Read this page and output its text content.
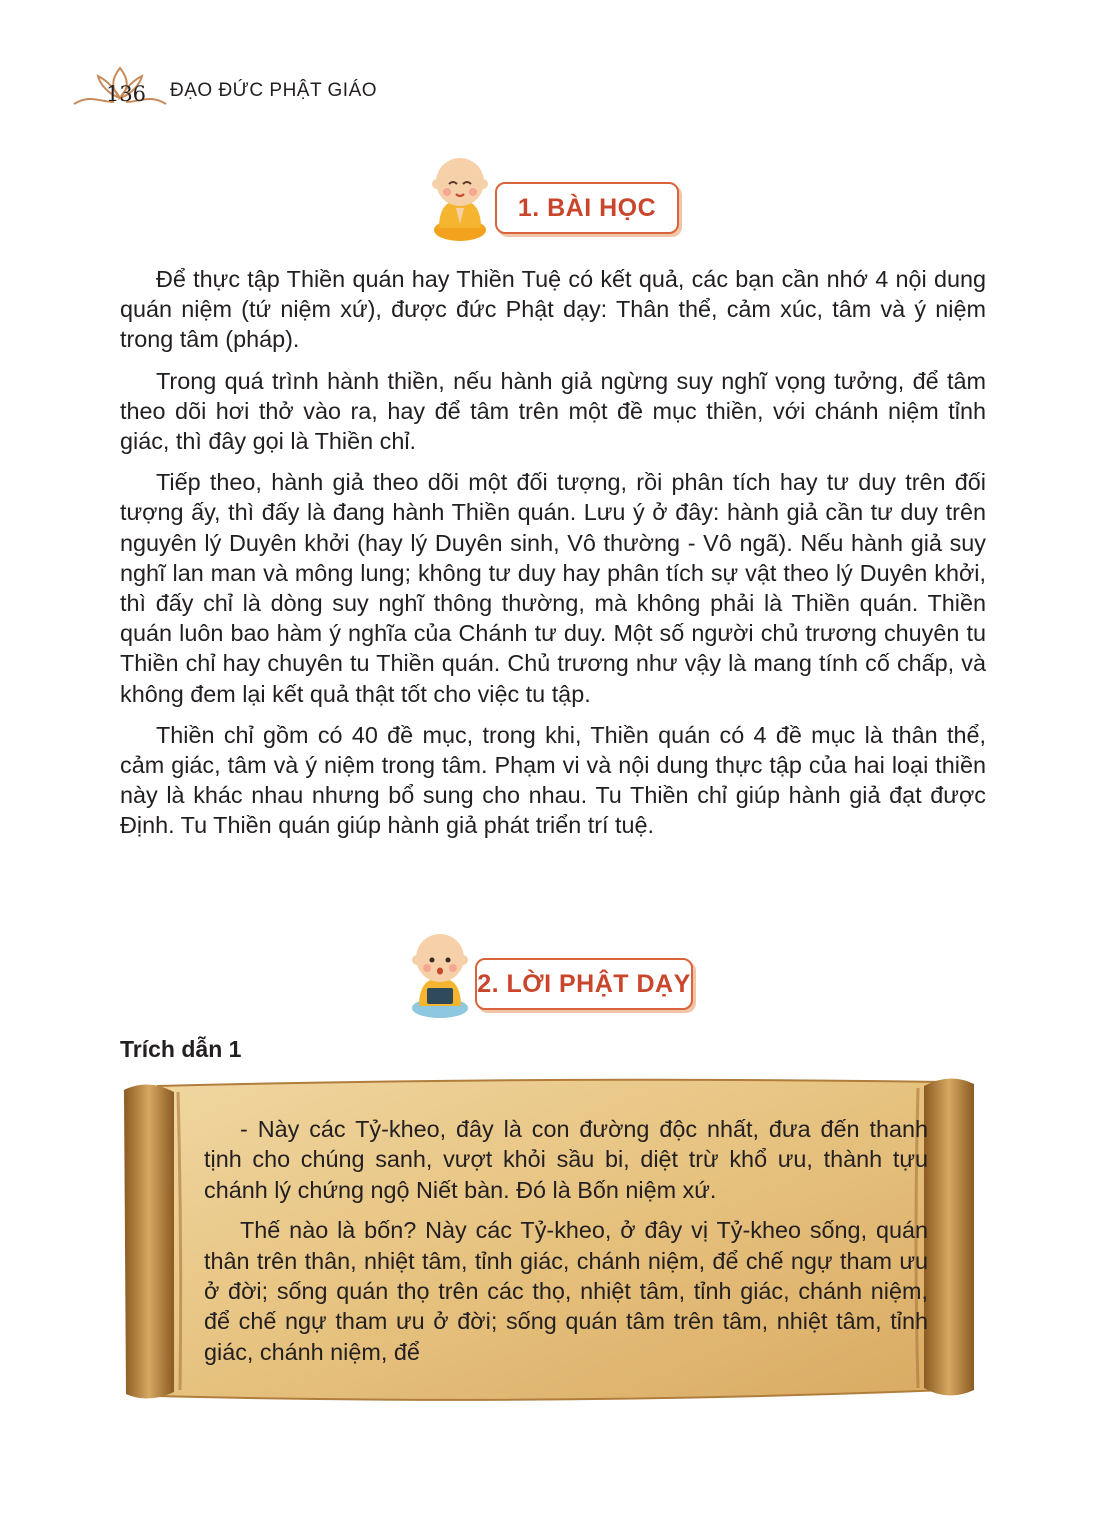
136	ĐẠO ĐỨC PHẬT GIÁO
1. BÀI HỌC

Để thực tập Thiền quán hay Thiền Tuệ có kết quả, các bạn cần nhớ 4 nội dung quán niệm (tứ niệm xứ), được đức Phật dạy: Thân thể, cảm xúc, tâm và ý niệm trong tâm (pháp).

Trong quá trình hành thiền, nếu hành giả ngừng suy nghĩ vọng tưởng, để tâm theo dõi hơi thở vào ra, hay để tâm trên một đề mục thiền, với chánh niệm tỉnh giác, thì đây gọi là Thiền chỉ.

Tiếp theo, hành giả theo dõi một đối tượng, rồi phân tích hay tư duy trên đối tượng ấy, thì đấy là đang hành Thiền quán. Lưu ý ở đây: hành giả cần tư duy trên nguyên lý Duyên khởi (hay lý Duyên sinh, Vô thường - Vô ngã). Nếu hành giả suy nghĩ lan man và mông lung; không tư duy hay phân tích sự vật theo lý Duyên khởi, thì đấy chỉ là dòng suy nghĩ thông thường, mà không phải là Thiền quán. Thiền quán luôn bao hàm ý nghĩa của Chánh tư duy. Một số người chủ trương chuyên tu Thiền chỉ hay chuyên tu Thiền quán. Chủ trương như vậy là mang tính cố chấp, và không đem lại kết quả thật tốt cho việc tu tập.

Thiền chỉ gồm có 40 đề mục, trong khi, Thiền quán có 4 đề mục là thân thể, cảm giác, tâm và ý niệm trong tâm. Phạm vi và nội dung thực tập của hai loại thiền này là khác nhau nhưng bổ sung cho nhau. Tu Thiền chỉ giúp hành giả đạt được Định. Tu Thiền quán giúp hành giả phát triển trí tuệ.

2. LỜI PHẬT DẠY
Trích dẫn 1

- Này các Tỷ-kheo, đây là con đường độc nhất, đưa đến thanh tịnh cho chúng sanh, vượt khỏi sầu bi, diệt trừ khổ ưu, thành tựu chánh lý chứng ngộ Niết bàn. Đó là Bốn niệm xứ.

Thế nào là bốn? Này các Tỷ-kheo, ở đây vị Tỷ-kheo sống, quán thân trên thân, nhiệt tâm, tỉnh giác, chánh niệm, để chế ngự tham ưu ở đời; sống quán thọ trên các thọ, nhiệt tâm, tỉnh giác, chánh niệm, để chế ngự tham ưu ở đời; sống quán tâm trên tâm, nhiệt tâm, tỉnh giác, chánh niệm, để
